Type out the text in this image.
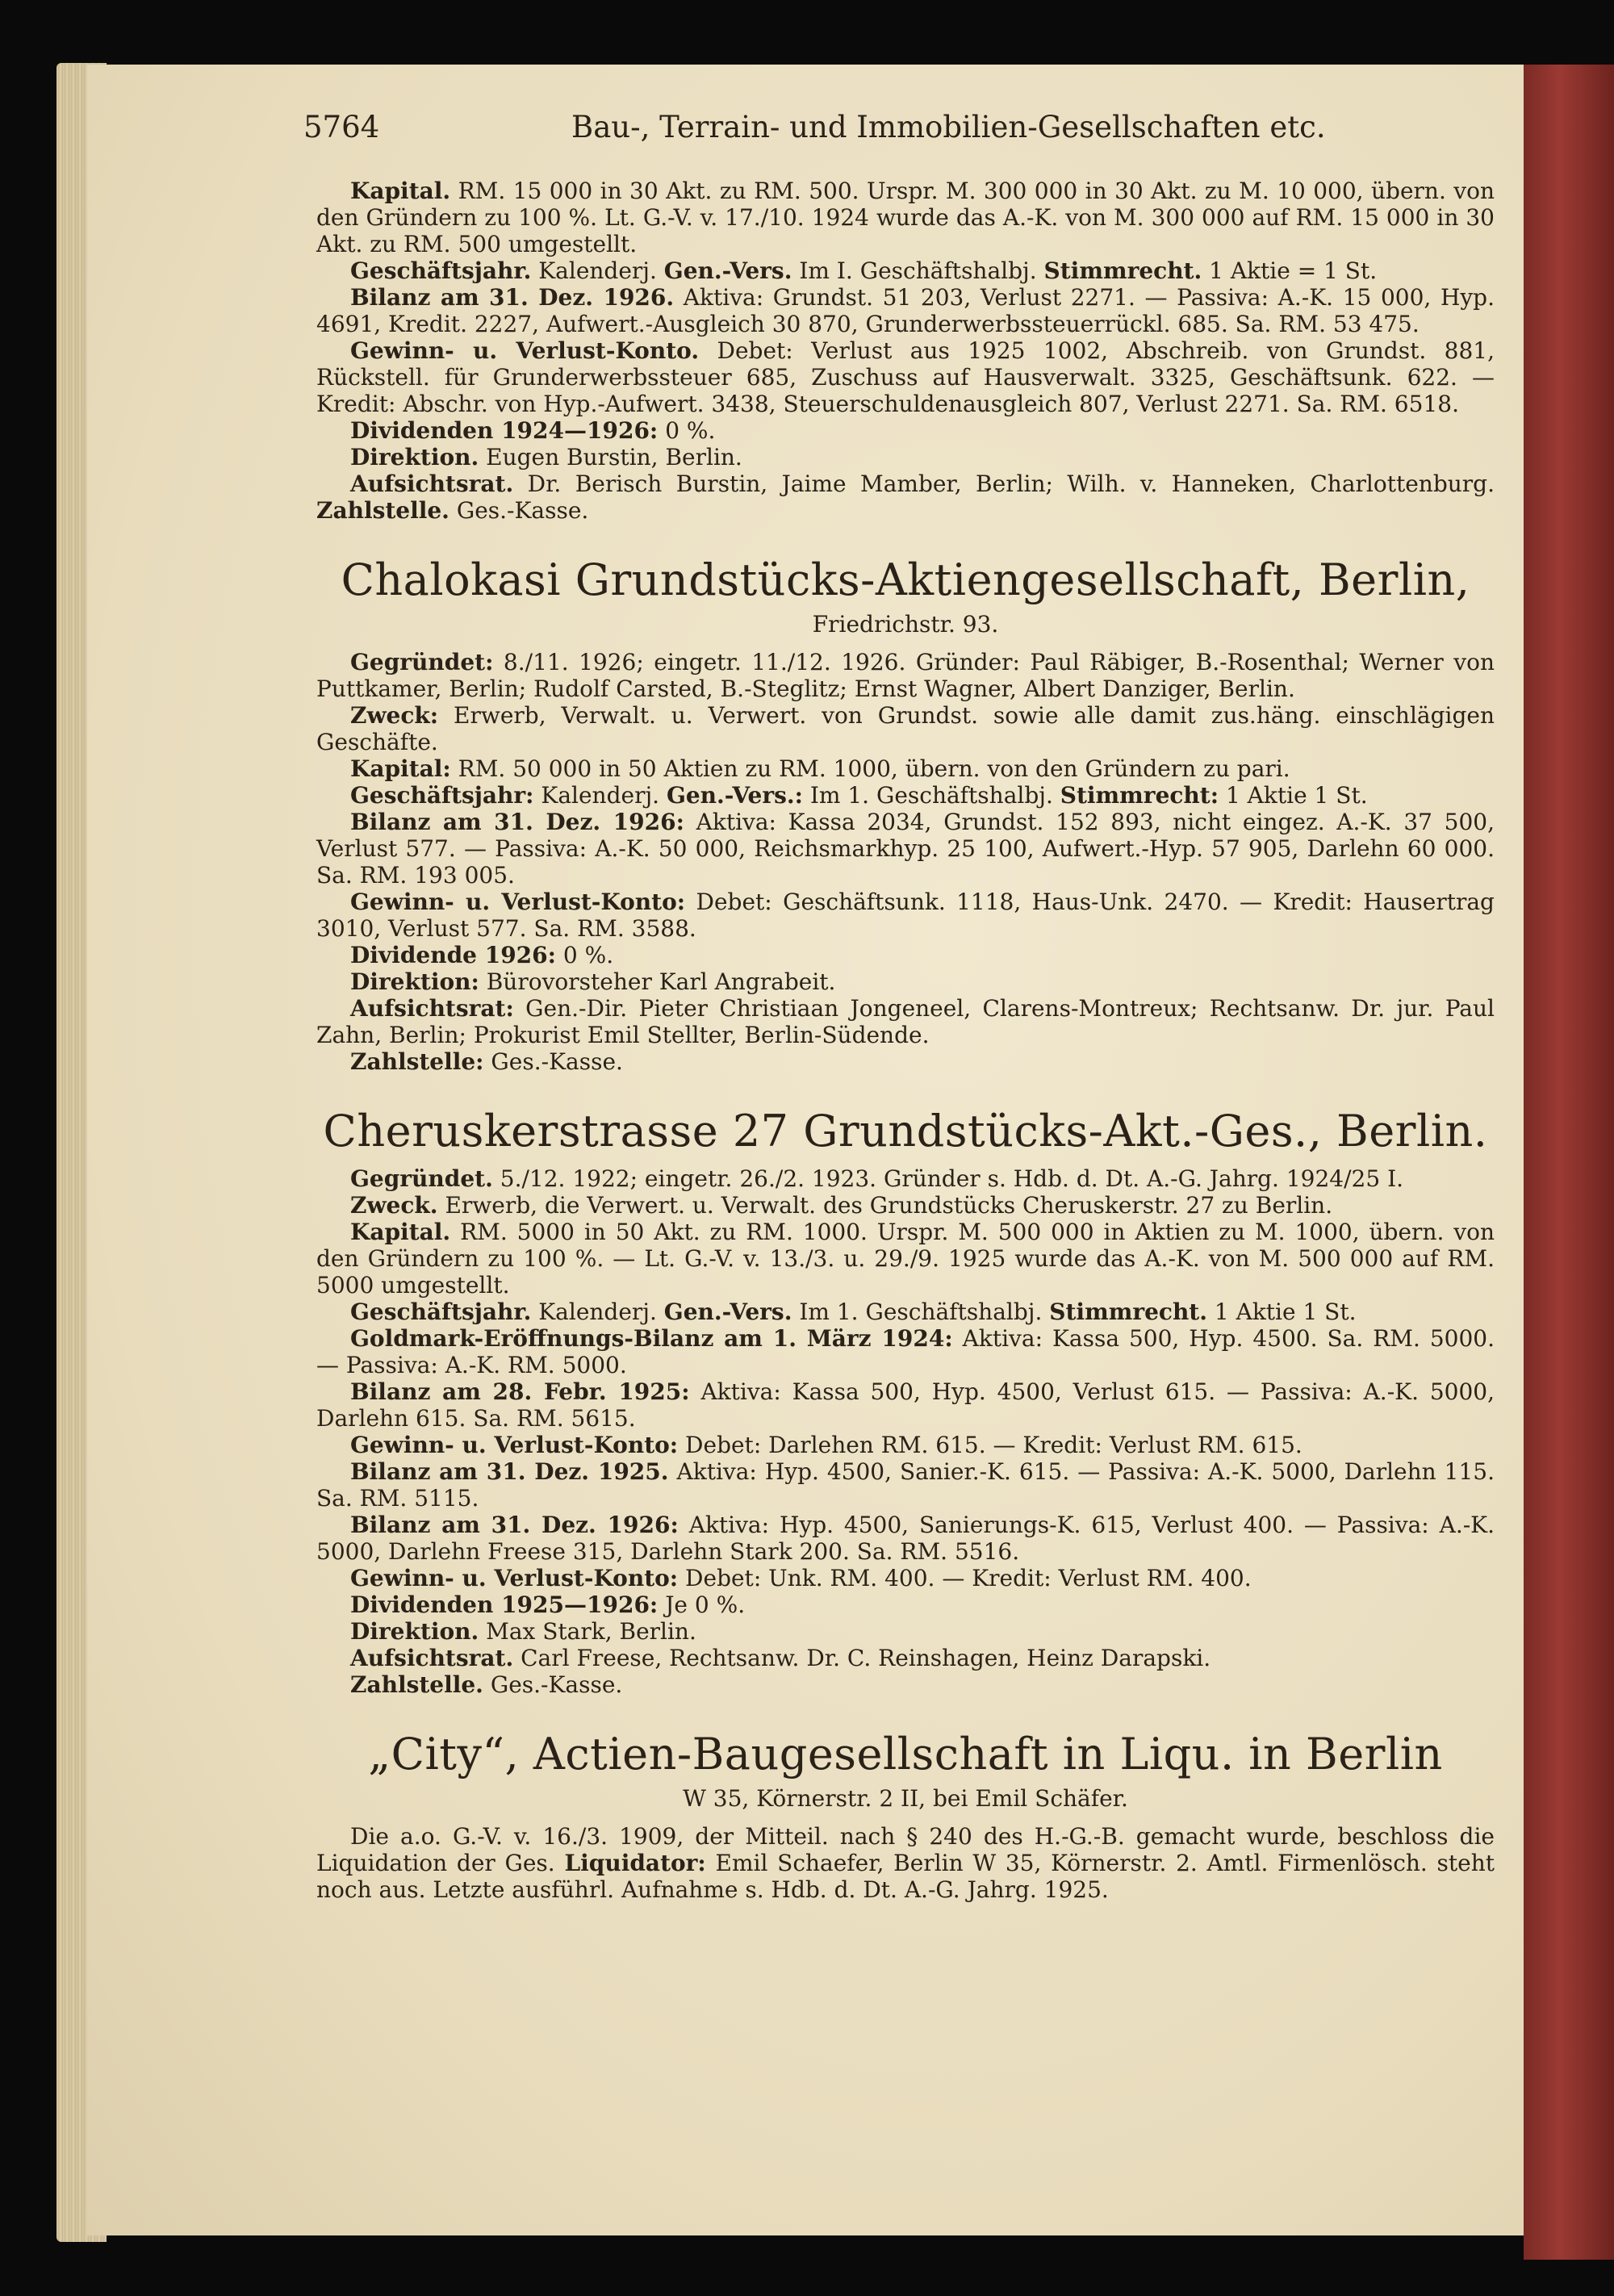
5764	Bau-, Terrain- und Immobilien-Gesellschaften etc.

Kapital. RM. 15 000 in 30 Akt. zu RM. 500. Urspr. M. 300 000 in 30 Akt. zu M. 10 000, übern. von den Gründern zu 100 %. Lt. G.-V. v. 17./10. 1924 wurde das A.-K. von M. 300 000 auf RM. 15 000 in 30 Akt. zu RM. 500 umgestellt.

Geschäftsjahr. Kalenderj. Gen.-Vers. Im I. Geschäftshalbj. Stimmrecht. 1 Aktie = 1 St.

Bilanz am 31. Dez. 1926. Aktiva: Grundst. 51 203, Verlust 2271. — Passiva: A.-K. 15 000, Hyp. 4691, Kredit. 2227, Aufwert.-Ausgleich 30 870, Grunderwerbssteuerrückl. 685. Sa. RM. 53 475.

Gewinn- u. Verlust-Konto. Debet: Verlust aus 1925 1002, Abschreib. von Grundst. 881, Rückstell. für Grunderwerbssteuer 685, Zuschuss auf Hausverwalt. 3325, Geschäftsunk. 622. — Kredit: Abschr. von Hyp.-Aufwert. 3438, Steuerschuldenausgleich 807, Verlust 2271. Sa. RM. 6518.

Dividenden 1924—1926: 0 %.

Direktion. Eugen Burstin, Berlin.

Aufsichtsrat. Dr. Berisch Burstin, Jaime Mamber, Berlin; Wilh. v. Hanneken, Charlottenburg. Zahlstelle. Ges.-Kasse.

Chalokasi Grundstücks-Aktiengesellschaft, Berlin,
Friedrichstr. 93.

Gegründet: 8./11. 1926; eingetr. 11./12. 1926. Gründer: Paul Räbiger, B.-Rosenthal; Werner von Puttkamer, Berlin; Rudolf Carsted, B.-Steglitz; Ernst Wagner, Albert Danziger, Berlin.

Zweck: Erwerb, Verwalt. u. Verwert. von Grundst. sowie alle damit zus.häng. einschlägigen Geschäfte.

Kapital: RM. 50 000 in 50 Aktien zu RM. 1000, übern. von den Gründern zu pari.

Geschäftsjahr: Kalenderj. Gen.-Vers.: Im 1. Geschäftshalbj. Stimmrecht: 1 Aktie 1 St.

Bilanz am 31. Dez. 1926: Aktiva: Kassa 2034, Grundst. 152 893, nicht eingez. A.-K. 37 500, Verlust 577. — Passiva: A.-K. 50 000, Reichsmarkhyp. 25 100, Aufwert.-Hyp. 57 905, Darlehn 60 000. Sa. RM. 193 005.

Gewinn- u. Verlust-Konto: Debet: Geschäftsunk. 1118, Haus-Unk. 2470. — Kredit: Hausertrag 3010, Verlust 577. Sa. RM. 3588.

Dividende 1926: 0 %.

Direktion: Bürovorsteher Karl Angrabeit.

Aufsichtsrat: Gen.-Dir. Pieter Christiaan Jongeneel, Clarens-Montreux; Rechtsanw. Dr. jur. Paul Zahn, Berlin; Prokurist Emil Stellter, Berlin-Südende.

Zahlstelle: Ges.-Kasse.

Cheruskerstrasse 27 Grundstücks-Akt.-Ges., Berlin.

Gegründet. 5./12. 1922; eingetr. 26./2. 1923. Gründer s. Hdb. d. Dt. A.-G. Jahrg. 1924/25 I.

Zweck. Erwerb, die Verwert. u. Verwalt. des Grundstücks Cheruskerstr. 27 zu Berlin.

Kapital. RM. 5000 in 50 Akt. zu RM. 1000. Urspr. M. 500 000 in Aktien zu M. 1000, übern. von den Gründern zu 100 %. — Lt. G.-V. v. 13./3. u. 29./9. 1925 wurde das A.-K. von M. 500 000 auf RM. 5000 umgestellt.

Geschäftsjahr. Kalenderj. Gen.-Vers. Im 1. Geschäftshalbj. Stimmrecht. 1 Aktie 1 St.

Goldmark-Eröffnungs-Bilanz am 1. März 1924: Aktiva: Kassa 500, Hyp. 4500. Sa. RM. 5000. — Passiva: A.-K. RM. 5000.

Bilanz am 28. Febr. 1925: Aktiva: Kassa 500, Hyp. 4500, Verlust 615. — Passiva: A.-K. 5000, Darlehn 615. Sa. RM. 5615.

Gewinn- u. Verlust-Konto: Debet: Darlehen RM. 615. — Kredit: Verlust RM. 615.

Bilanz am 31. Dez. 1925. Aktiva: Hyp. 4500, Sanier.-K. 615. — Passiva: A.-K. 5000, Darlehn 115. Sa. RM. 5115.

Bilanz am 31. Dez. 1926: Aktiva: Hyp. 4500, Sanierungs-K. 615, Verlust 400. — Passiva: A.-K. 5000, Darlehn Freese 315, Darlehn Stark 200. Sa. RM. 5516.

Gewinn- u. Verlust-Konto: Debet: Unk. RM. 400. — Kredit: Verlust RM. 400.

Dividenden 1925—1926: Je 0 %.

Direktion. Max Stark, Berlin.

Aufsichtsrat. Carl Freese, Rechtsanw. Dr. C. Reinshagen, Heinz Darapski.

Zahlstelle. Ges.-Kasse.

„City“, Actien-Baugesellschaft in Liqu. in Berlin
W 35, Körnerstr. 2 II, bei Emil Schäfer.

Die a.o. G.-V. v. 16./3. 1909, der Mitteil. nach § 240 des H.-G.-B. gemacht wurde, beschloss die Liquidation der Ges. Liquidator: Emil Schaefer, Berlin W 35, Körnerstr. 2. Amtl. Firmenlösch. steht noch aus. Letzte ausführl. Aufnahme s. Hdb. d. Dt. A.-G. Jahrg. 1925.
